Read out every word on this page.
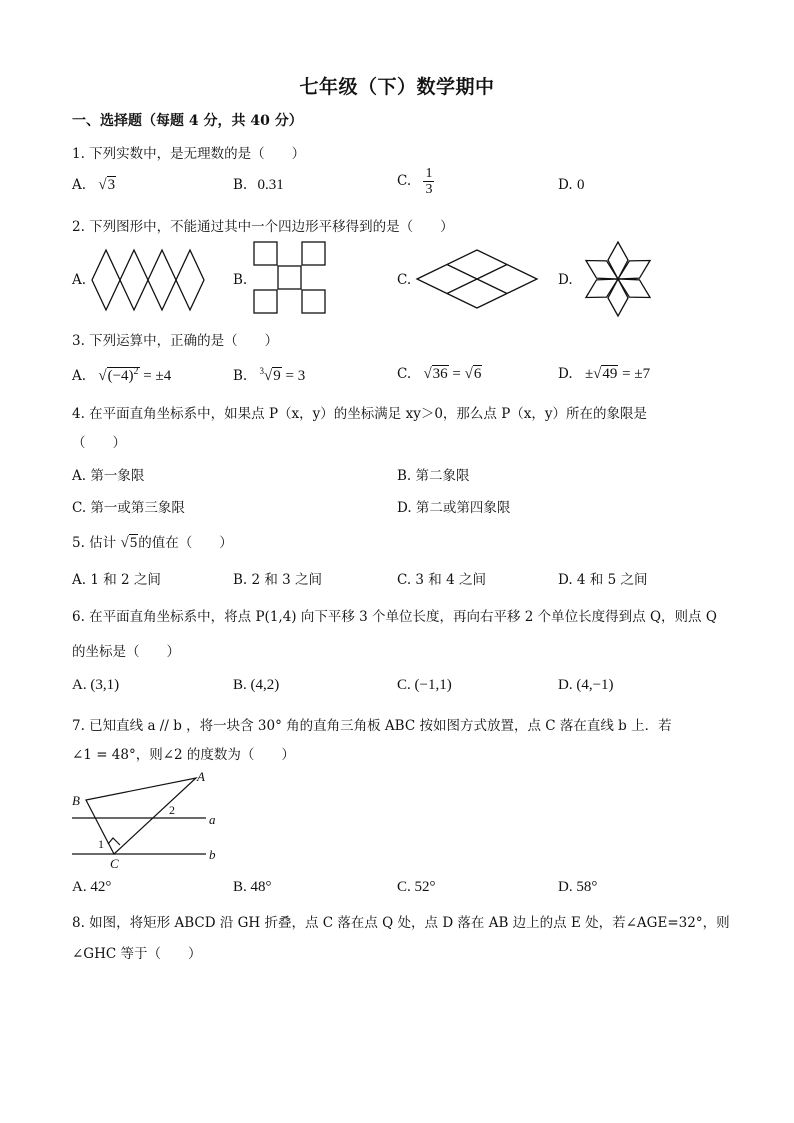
七年级（下）数学期中
一、选择题（每题 4 分，共 40 分）
1. 下列实数中，是无理数的是（　　）
A. √3	B. 0.31	C. $\frac{1}{3}$	D. 0
2. 下列图形中，不能通过其中一个四边形平移得到的是（　　）
A.	B.	C.	D.
3. 下列运算中，正确的是（　　）
A. $√(-4)^2 = \pm 4$	B. $^3$√9 = 3	C. √36 = √6	D. ±√49 = ±7
4. 在平面直角坐标系中，如果点 P（x，y）的坐标满足 xy＞0，那么点 P（x，y）所在的象限是
（　　）
A. 第一象限	B. 第二象限
C. 第一或第三象限	D. 第二或第四象限
5. 估计 √5的值在（　　）
A. 1 和 2 之间	B. 2 和 3 之间	C. 3 和 4 之间	D. 4 和 5 之间
6. 在平面直角坐标系中，将点 P(1,4) 向下平移 3 个单位长度，再向右平移 2 个单位长度得到点 Q，则点 Q
的坐标是（　　）
A. (3,1)	B. (4,2)	C. (−1,1)	D. (4,−1)
7. 已知直线 a // b ，将一块含 30° 角的直角三角板 ABC 按如图方式放置，点 C 落在直线 b 上．若
∠1 = 48°，则∠2 的度数为（　　）
A
B
C
a
b
2
1
A. 42°	B. 48°	C. 52°	D. 58°
8. 如图，将矩形 ABCD 沿 GH 折叠，点 C 落在点 Q 处，点 D 落在 AB 边上的点 E 处，若∠AGE=32°，则
∠GHC 等于（　　）
